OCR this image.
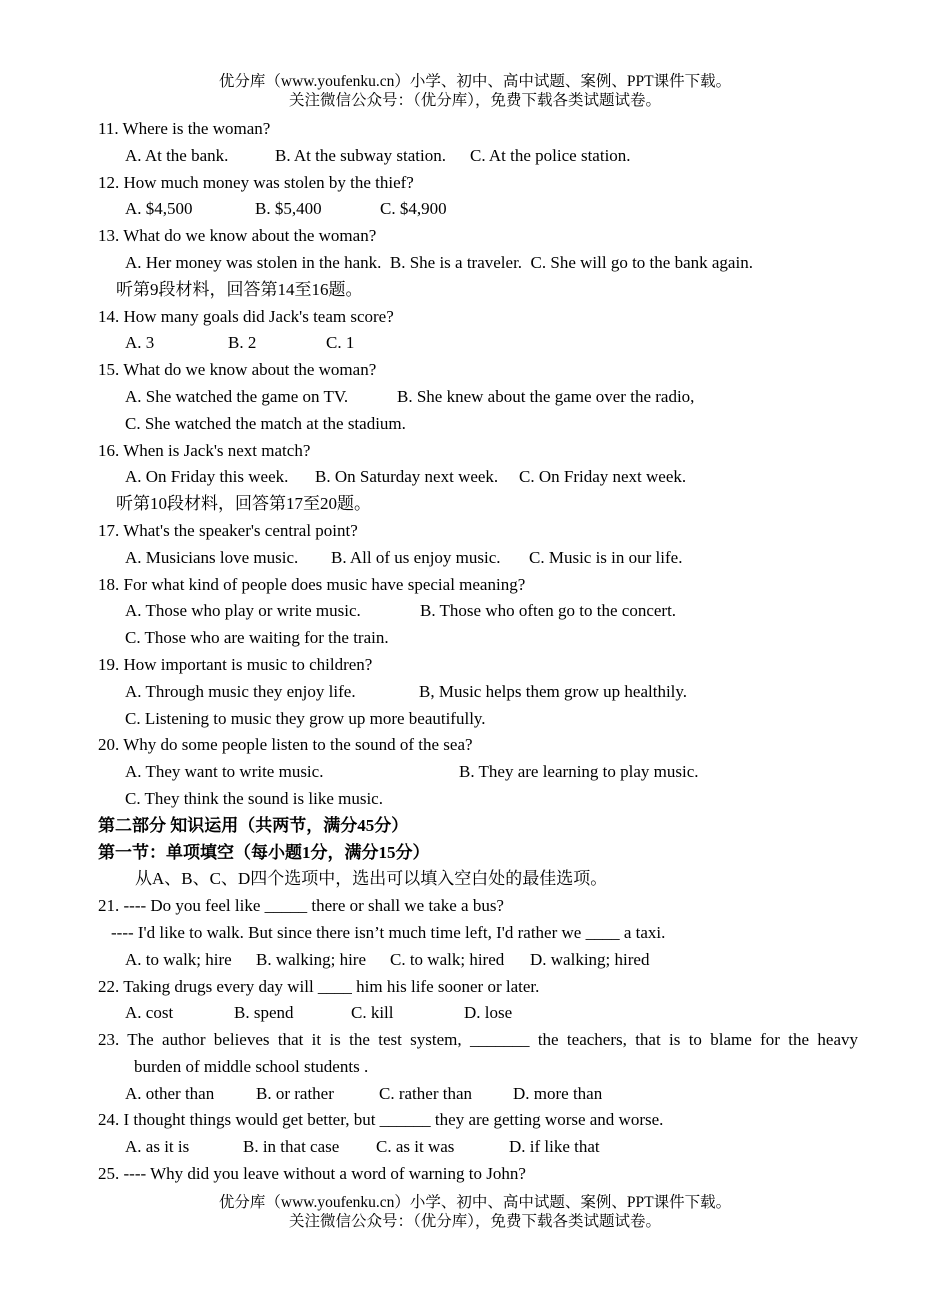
优分库（www.youfenku.cn）小学、初中、高中试题、案例、PPT课件下载。
关注微信公众号：（优分库），免费下载各类试题试卷。
11. Where is the woman?
A. At the bank.	B. At the subway station. C. At the police station.
12. How much money was stolen by the thief?
A. $4,500	B. $5,400	C. $4,900
13. What do we know about the woman?
A. Her money was stolen in the hank.  B. She is a traveler.  C. She will go to the bank again.
听第9段材料，回答第14至16题。
14. How many goals did Jack's team score?
A. 3	B. 2	C. 1
15. What do we know about the woman?
A. She watched the game on TV.	B. She knew about the game over the radio,
C. She watched the match at the stadium.
16. When is Jack's next match?
A. On Friday this week. B. On Saturday next week. C. On Friday next week.
听第10段材料，回答第17至20题。
17. What's the speaker's central point?
A. Musicians love music. B. All of us enjoy music. C. Music is in our life.
18. For what kind of people does music have special meaning?
A. Those who play or write music.	B. Those who often go to the concert.
C. Those who are waiting for the train.
19. How important is music to children?
A. Through music they enjoy life.	B, Music helps them grow up healthily.
C. Listening to music they grow up more beautifully.
20. Why do some people listen to the sound of the sea?
A. They want to write music.	B. They are learning to play music.
C. They think the sound is like music.
第二部分 知识运用（共两节，满分45分）
第一节：单项填空（每小题1分，满分15分）
从A、B、C、D四个选项中，选出可以填入空白处的最佳选项。
21. ---- Do you feel like _____ there or shall we take a bus?
---- I'd like to walk. But since there isn’t much time left, I'd rather we ____ a taxi.
A. to walk; hire B. walking; hire C. to walk; hired D. walking; hired
22. Taking drugs every day will ____ him his life sooner or later.
A. cost	B. spend	C. kill	D. lose
23. The author believes that it is the test system, _______ the teachers, that is to blame for the heavy
burden of middle school students .
A. other than B. or rather	C. rather than D. more than
24. I thought things would get better, but ______ they are getting worse and worse.
A. as it is	B. in that case C. as it was	D. if like that
25. ---- Why did you leave without a word of warning to John?
优分库（www.youfenku.cn）小学、初中、高中试题、案例、PPT课件下载。
关注微信公众号：（优分库），免费下载各类试题试卷。
